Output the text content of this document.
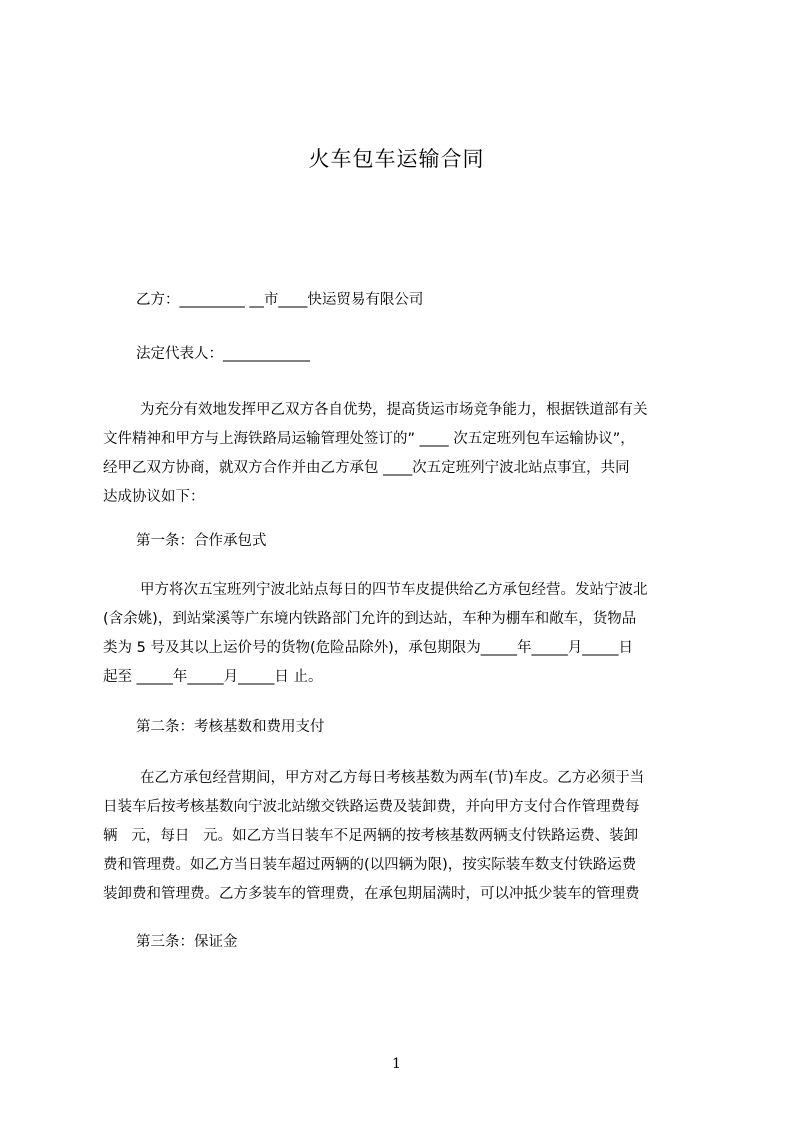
火车包车运输合同
乙方：_________ __市____快运贸易有限公司
法定代表人：____________
为充分有效地发挥甲乙双方各自优势，提高货运市场竞争能力，根据铁道部有关
文件精神和甲方与上海铁路局运输管理处签订的” ____ 次五定班列包车运输协议”，
经甲乙双方协商，就双方合作并由乙方承包 ____次五定班列宁波北站点事宜，共同
达成协议如下：
第一条：合作承包式
甲方将次五宝班列宁波北站点每日的四节车皮提供给乙方承包经营。发站宁波北
(含余姚)，到站棠溪等广东境内铁路部门允许的到达站，车种为棚车和敞车，货物品
类为 5 号及其以上运价号的货物(危险品除外)，承包期限为_____年_____月_____日
起至 _____年_____月_____日 止。
第二条：考核基数和费用支付
在乙方承包经营期间，甲方对乙方每日考核基数为两车(节)车皮。乙方必须于当
日装车后按考核基数向宁波北站缴交铁路运费及装卸费，并向甲方支付合作管理费每
辆   元，每日   元。如乙方当日装车不足两辆的按考核基数两辆支付铁路运费、装卸
费和管理费。如乙方当日装车超过两辆的(以四辆为限)，按实际装车数支付铁路运费
装卸费和管理费。乙方多装车的管理费，在承包期届满时，可以冲抵少装车的管理费
第三条：保证金
1
